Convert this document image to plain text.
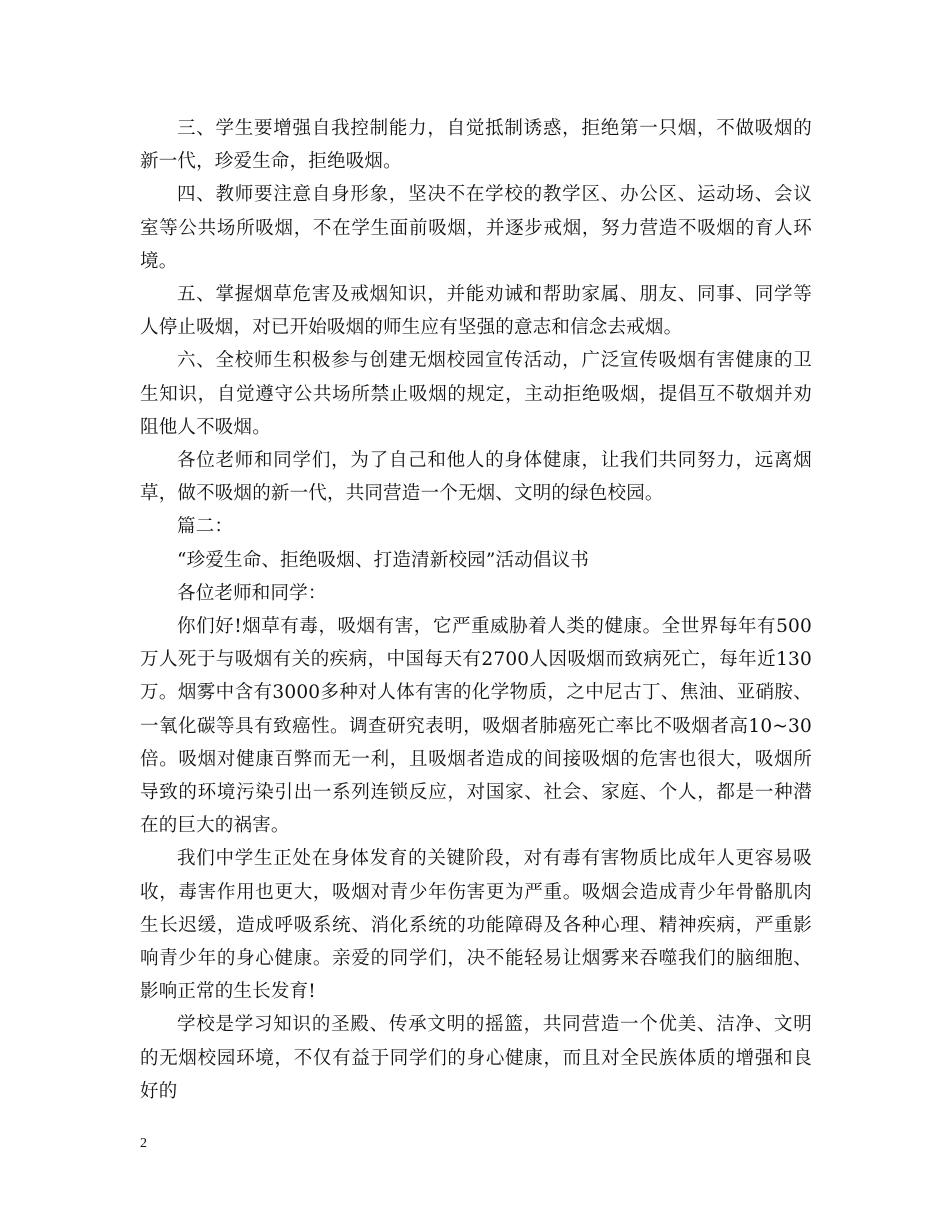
三、学生要增强自我控制能力，自觉抵制诱惑，拒绝第一只烟，不做吸烟的新一代，珍爱生命，拒绝吸烟。

四、教师要注意自身形象，坚决不在学校的教学区、办公区、运动场、会议室等公共场所吸烟，不在学生面前吸烟，并逐步戒烟，努力营造不吸烟的育人环境。

五、掌握烟草危害及戒烟知识，并能劝诫和帮助家属、朋友、同事、同学等人停止吸烟，对已开始吸烟的师生应有坚强的意志和信念去戒烟。

六、全校师生积极参与创建无烟校园宣传活动，广泛宣传吸烟有害健康的卫生知识，自觉遵守公共场所禁止吸烟的规定，主动拒绝吸烟，提倡互不敬烟并劝阻他人不吸烟。

各位老师和同学们，为了自己和他人的身体健康，让我们共同努力，远离烟草，做不吸烟的新一代，共同营造一个无烟、文明的绿色校园。

篇二：

“珍爱生命、拒绝吸烟、打造清新校园”活动倡议书

各位老师和同学：

你们好!烟草有毒，吸烟有害，它严重威胁着人类的健康。全世界每年有500万人死于与吸烟有关的疾病，中国每天有2700人因吸烟而致病死亡，每年近130万。烟雾中含有3000多种对人体有害的化学物质，之中尼古丁、焦油、亚硝胺、一氧化碳等具有致癌性。调查研究表明，吸烟者肺癌死亡率比不吸烟者高10~30倍。吸烟对健康百弊而无一利，且吸烟者造成的间接吸烟的危害也很大，吸烟所导致的环境污染引出一系列连锁反应，对国家、社会、家庭、个人，都是一种潜在的巨大的祸害。

我们中学生正处在身体发育的关键阶段，对有毒有害物质比成年人更容易吸收，毒害作用也更大，吸烟对青少年伤害更为严重。吸烟会造成青少年骨骼肌肉生长迟缓，造成呼吸系统、消化系统的功能障碍及各种心理、精神疾病，严重影响青少年的身心健康。亲爱的同学们，决不能轻易让烟雾来吞噬我们的脑细胞、影响正常的生长发育!

学校是学习知识的圣殿、传承文明的摇篮，共同营造一个优美、洁净、文明的无烟校园环境，不仅有益于同学们的身心健康，而且对全民族体质的增强和良好的

2
